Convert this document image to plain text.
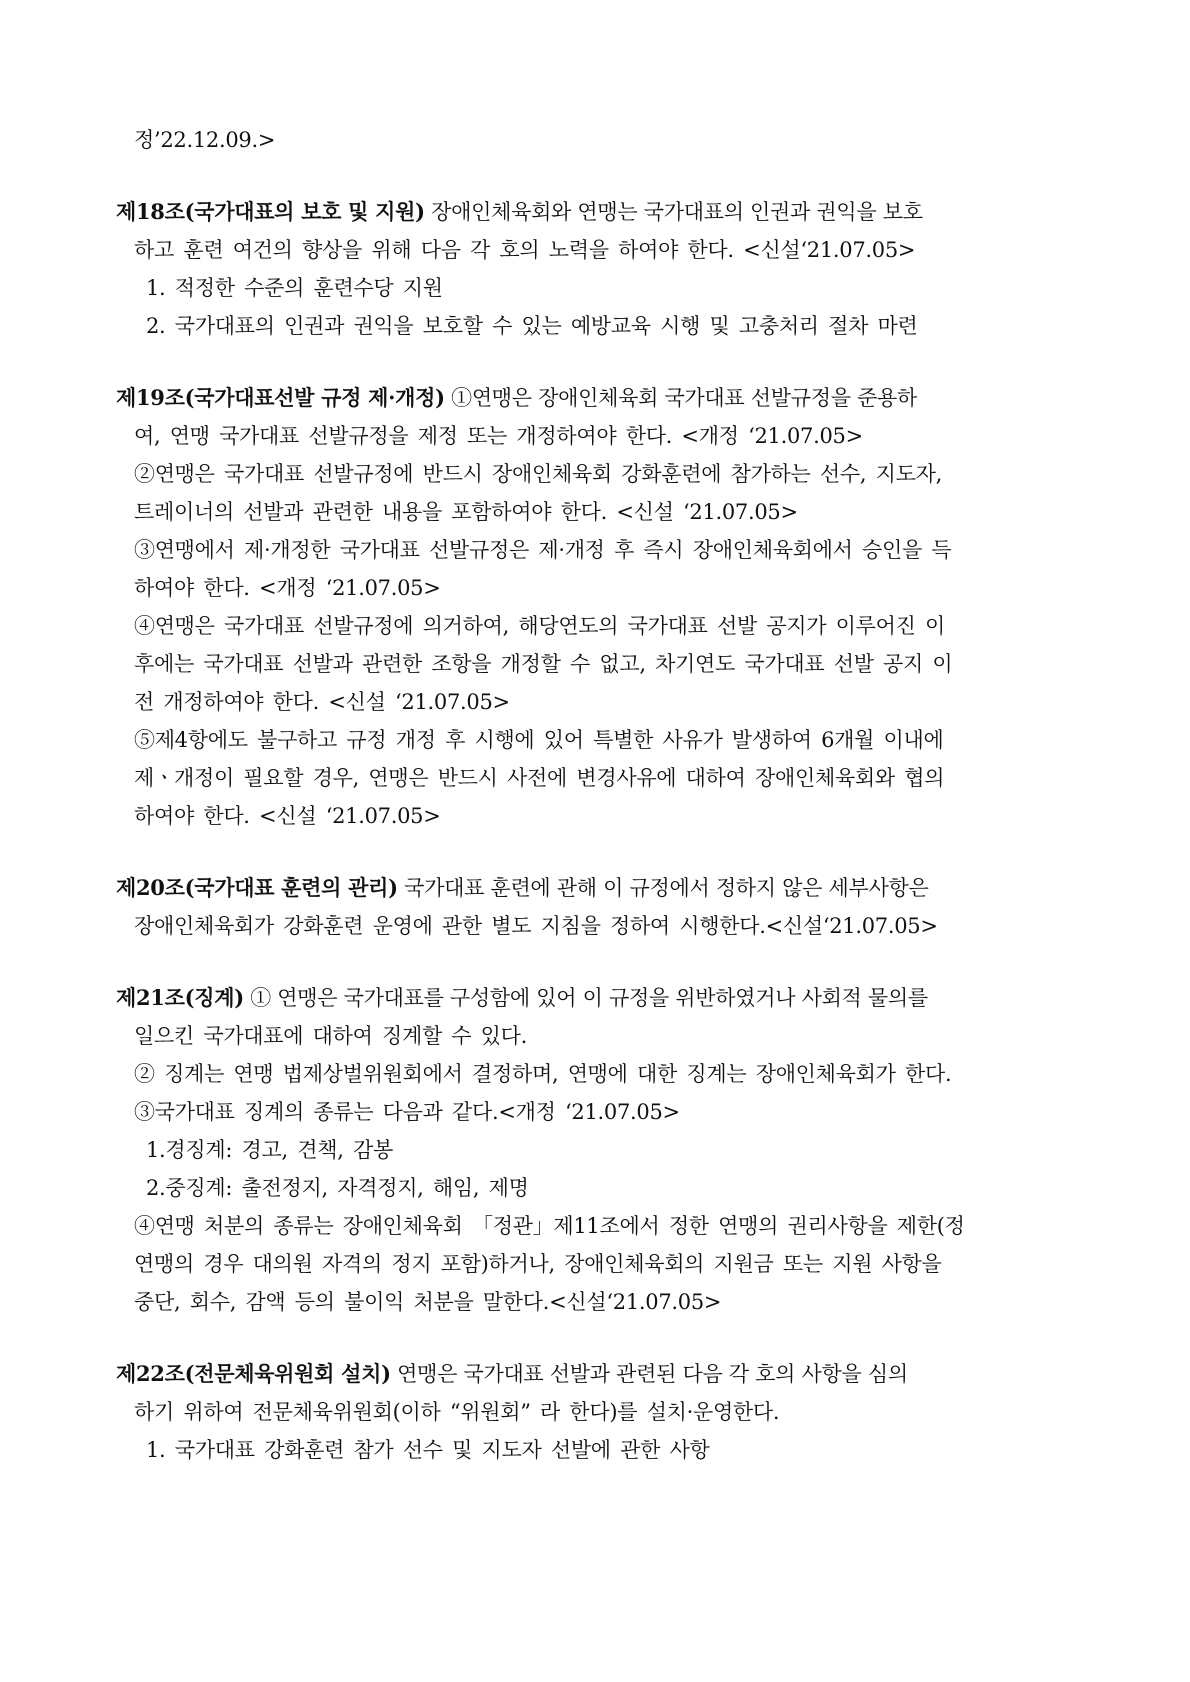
정’22.12.09.>
제18조(국가대표의 보호 및 지원) 장애인체육회와 연맹는 국가대표의 인권과 권익을 보호
하고 훈련 여건의 향상을 위해 다음 각 호의 노력을 하여야 한다. <신설‘21.07.05>
1. 적정한 수준의 훈련수당 지원
2. 국가대표의 인권과 권익을 보호할 수 있는 예방교육 시행 및 고충처리 절차 마련
제19조(국가대표선발 규정 제·개정) ①연맹은 장애인체육회 국가대표 선발규정을 준용하
여, 연맹 국가대표 선발규정을 제정 또는 개정하여야 한다. <개정 ‘21.07.05>
②연맹은 국가대표 선발규정에 반드시 장애인체육회 강화훈련에 참가하는 선수, 지도자,
트레이너의 선발과 관련한 내용을 포함하여야 한다. <신설 ‘21.07.05>
③연맹에서 제·개정한 국가대표 선발규정은 제·개정 후 즉시 장애인체육회에서 승인을 득
하여야 한다. <개정 ‘21.07.05>
④연맹은 국가대표 선발규정에 의거하여, 해당연도의 국가대표 선발 공지가 이루어진 이
후에는 국가대표 선발과 관련한 조항을 개정할 수 없고, 차기연도 국가대표 선발 공지 이
전 개정하여야 한다. <신설 ‘21.07.05>
⑤제4항에도 불구하고 규정 개정 후 시행에 있어 특별한 사유가 발생하여 6개월 이내에
제ㆍ개정이 필요할 경우, 연맹은 반드시 사전에 변경사유에 대하여 장애인체육회와 협의
하여야 한다. <신설 ‘21.07.05>
제20조(국가대표 훈련의 관리) 국가대표 훈련에 관해 이 규정에서 정하지 않은 세부사항은
장애인체육회가 강화훈련 운영에 관한 별도 지침을 정하여 시행한다.<신설‘21.07.05>
제21조(징계) ① 연맹은 국가대표를 구성함에 있어 이 규정을 위반하였거나 사회적 물의를
일으킨 국가대표에 대하여 징계할 수 있다.
② 징계는 연맹 법제상벌위원회에서 결정하며, 연맹에 대한 징계는 장애인체육회가 한다.
③국가대표 징계의 종류는 다음과 같다.<개정 ‘21.07.05>
1.경징계: 경고, 견책, 감봉
2.중징계: 출전정지, 자격정지, 해임, 제명
④연맹 처분의 종류는 장애인체육회 「정관」제11조에서 정한 연맹의 권리사항을 제한(정
연맹의 경우 대의원 자격의 정지 포함)하거나, 장애인체육회의 지원금 또는 지원 사항을
중단, 회수, 감액 등의 불이익 처분을 말한다.<신설‘21.07.05>
제22조(전문체육위원회 설치) 연맹은 국가대표 선발과 관련된 다음 각 호의 사항을 심의
하기 위하여 전문체육위원회(이하 “위원회” 라 한다)를 설치·운영한다.
1. 국가대표 강화훈련 참가 선수 및 지도자 선발에 관한 사항
